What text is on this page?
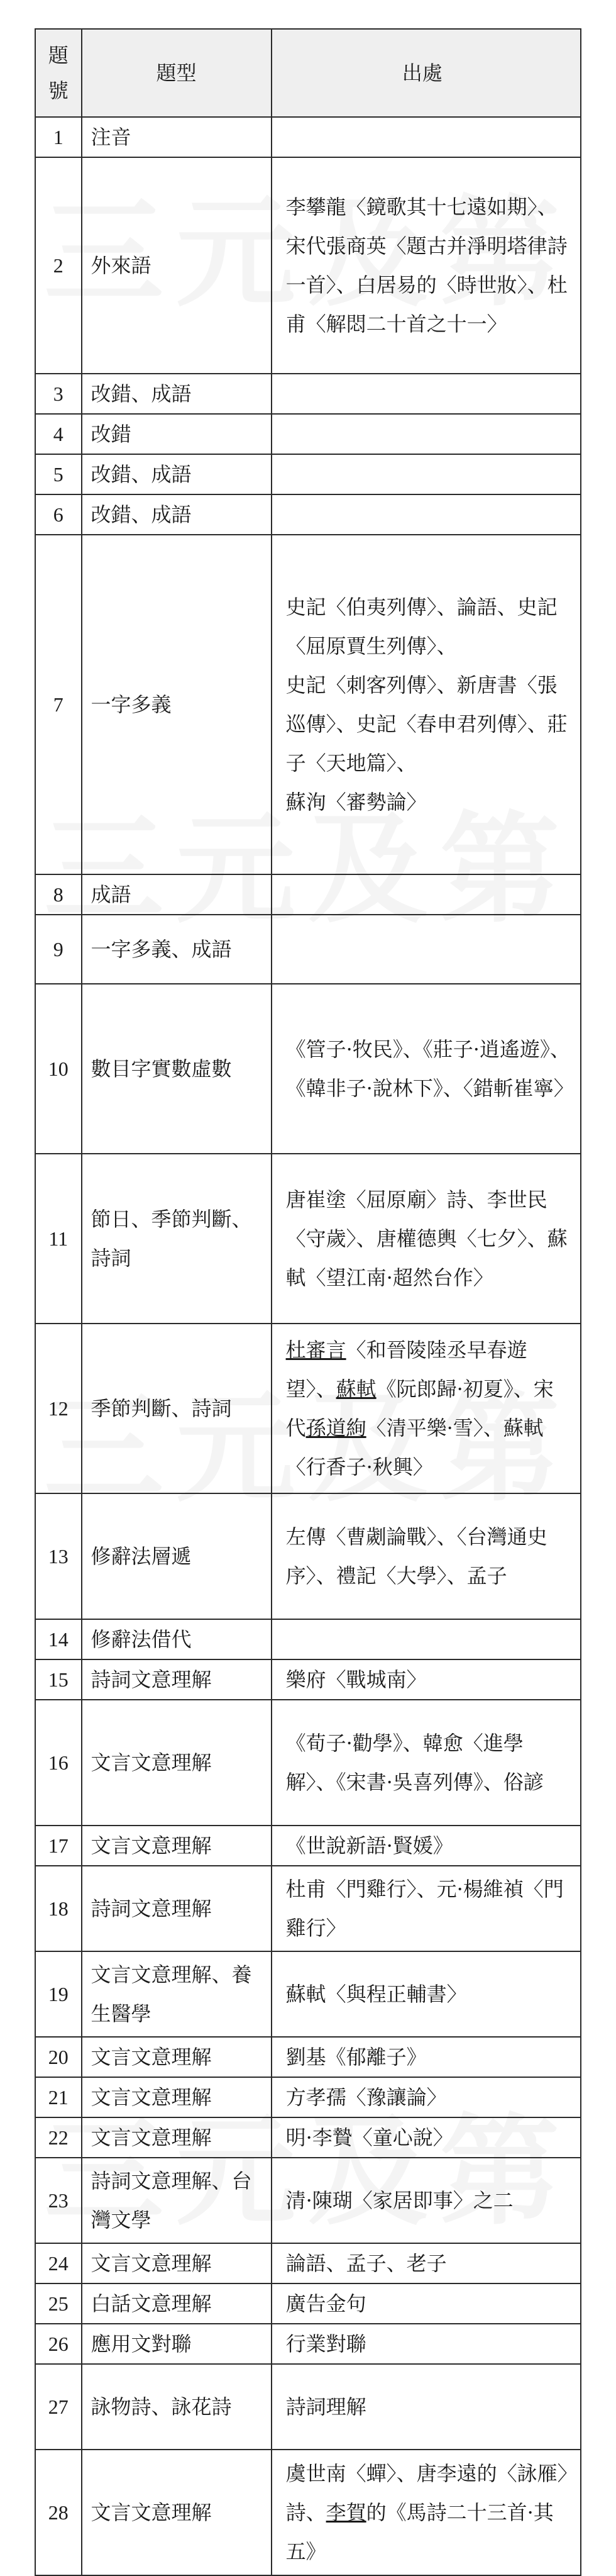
題
號	題型	出處
1	注音	
2	外來語	李攀龍〈鏡歌其十七遠如期〉、宋代張商英〈題古并淨明塔律詩一首〉、白居易的〈時世妝〉、杜甫〈解悶二十首之十一〉
3	改錯、成語	
4	改錯	
5	改錯、成語	
6	改錯、成語	
7	一字多義	史記〈伯夷列傳〉、論語、史記〈屈原賈生列傳〉、
史記〈刺客列傳〉、新唐書〈張巡傳〉、史記〈春申君列傳〉、莊子〈天地篇〉、
蘇洵〈審勢論〉
8	成語	
9	一字多義、成語	
10	數目字實數虛數	《管子·牧民》、《莊子·逍遙遊》、《韓非子·說林下》、〈錯斬崔寧〉
11	節日、季節判斷、詩詞	唐崔塗〈屈原廟〉詩、李世民〈守歲〉、唐權德輿〈七夕〉、蘇軾〈望江南·超然台作〉
12	季節判斷、詩詞	杜審言〈和晉陵陸丞早春遊望〉、蘇軾《阮郎歸·初夏》、宋代孫道絢〈清平樂·雪〉、蘇軾〈行香子·秋興〉
13	修辭法層遞	左傳〈曹劌論戰〉、〈台灣通史序〉、禮記〈大學〉、孟子
14	修辭法借代	
15	詩詞文意理解	樂府〈戰城南〉
16	文言文意理解	《荀子·勸學》、韓愈〈進學解〉、《宋書·吳喜列傳》、俗諺
17	文言文意理解	《世說新語·賢媛》
18	詩詞文意理解	杜甫〈門雞行〉、元·楊維禎〈門雞行〉
19	文言文意理解、養生醫學	蘇軾〈與程正輔書〉
20	文言文意理解	劉基《郁離子》
21	文言文意理解	方孝孺〈豫讓論〉
22	文言文意理解	明·李贄〈童心說〉
23	詩詞文意理解、台灣文學	清·陳瑚〈家居即事〉之二
24	文言文意理解	論語、孟子、老子
25	白話文意理解	廣告金句
26	應用文對聯	行業對聯
27	詠物詩、詠花詩	詩詞理解
28	文言文意理解	虞世南〈蟬〉、唐李遠的〈詠雁〉詩、李賀的《馬詩二十三首·其五》
